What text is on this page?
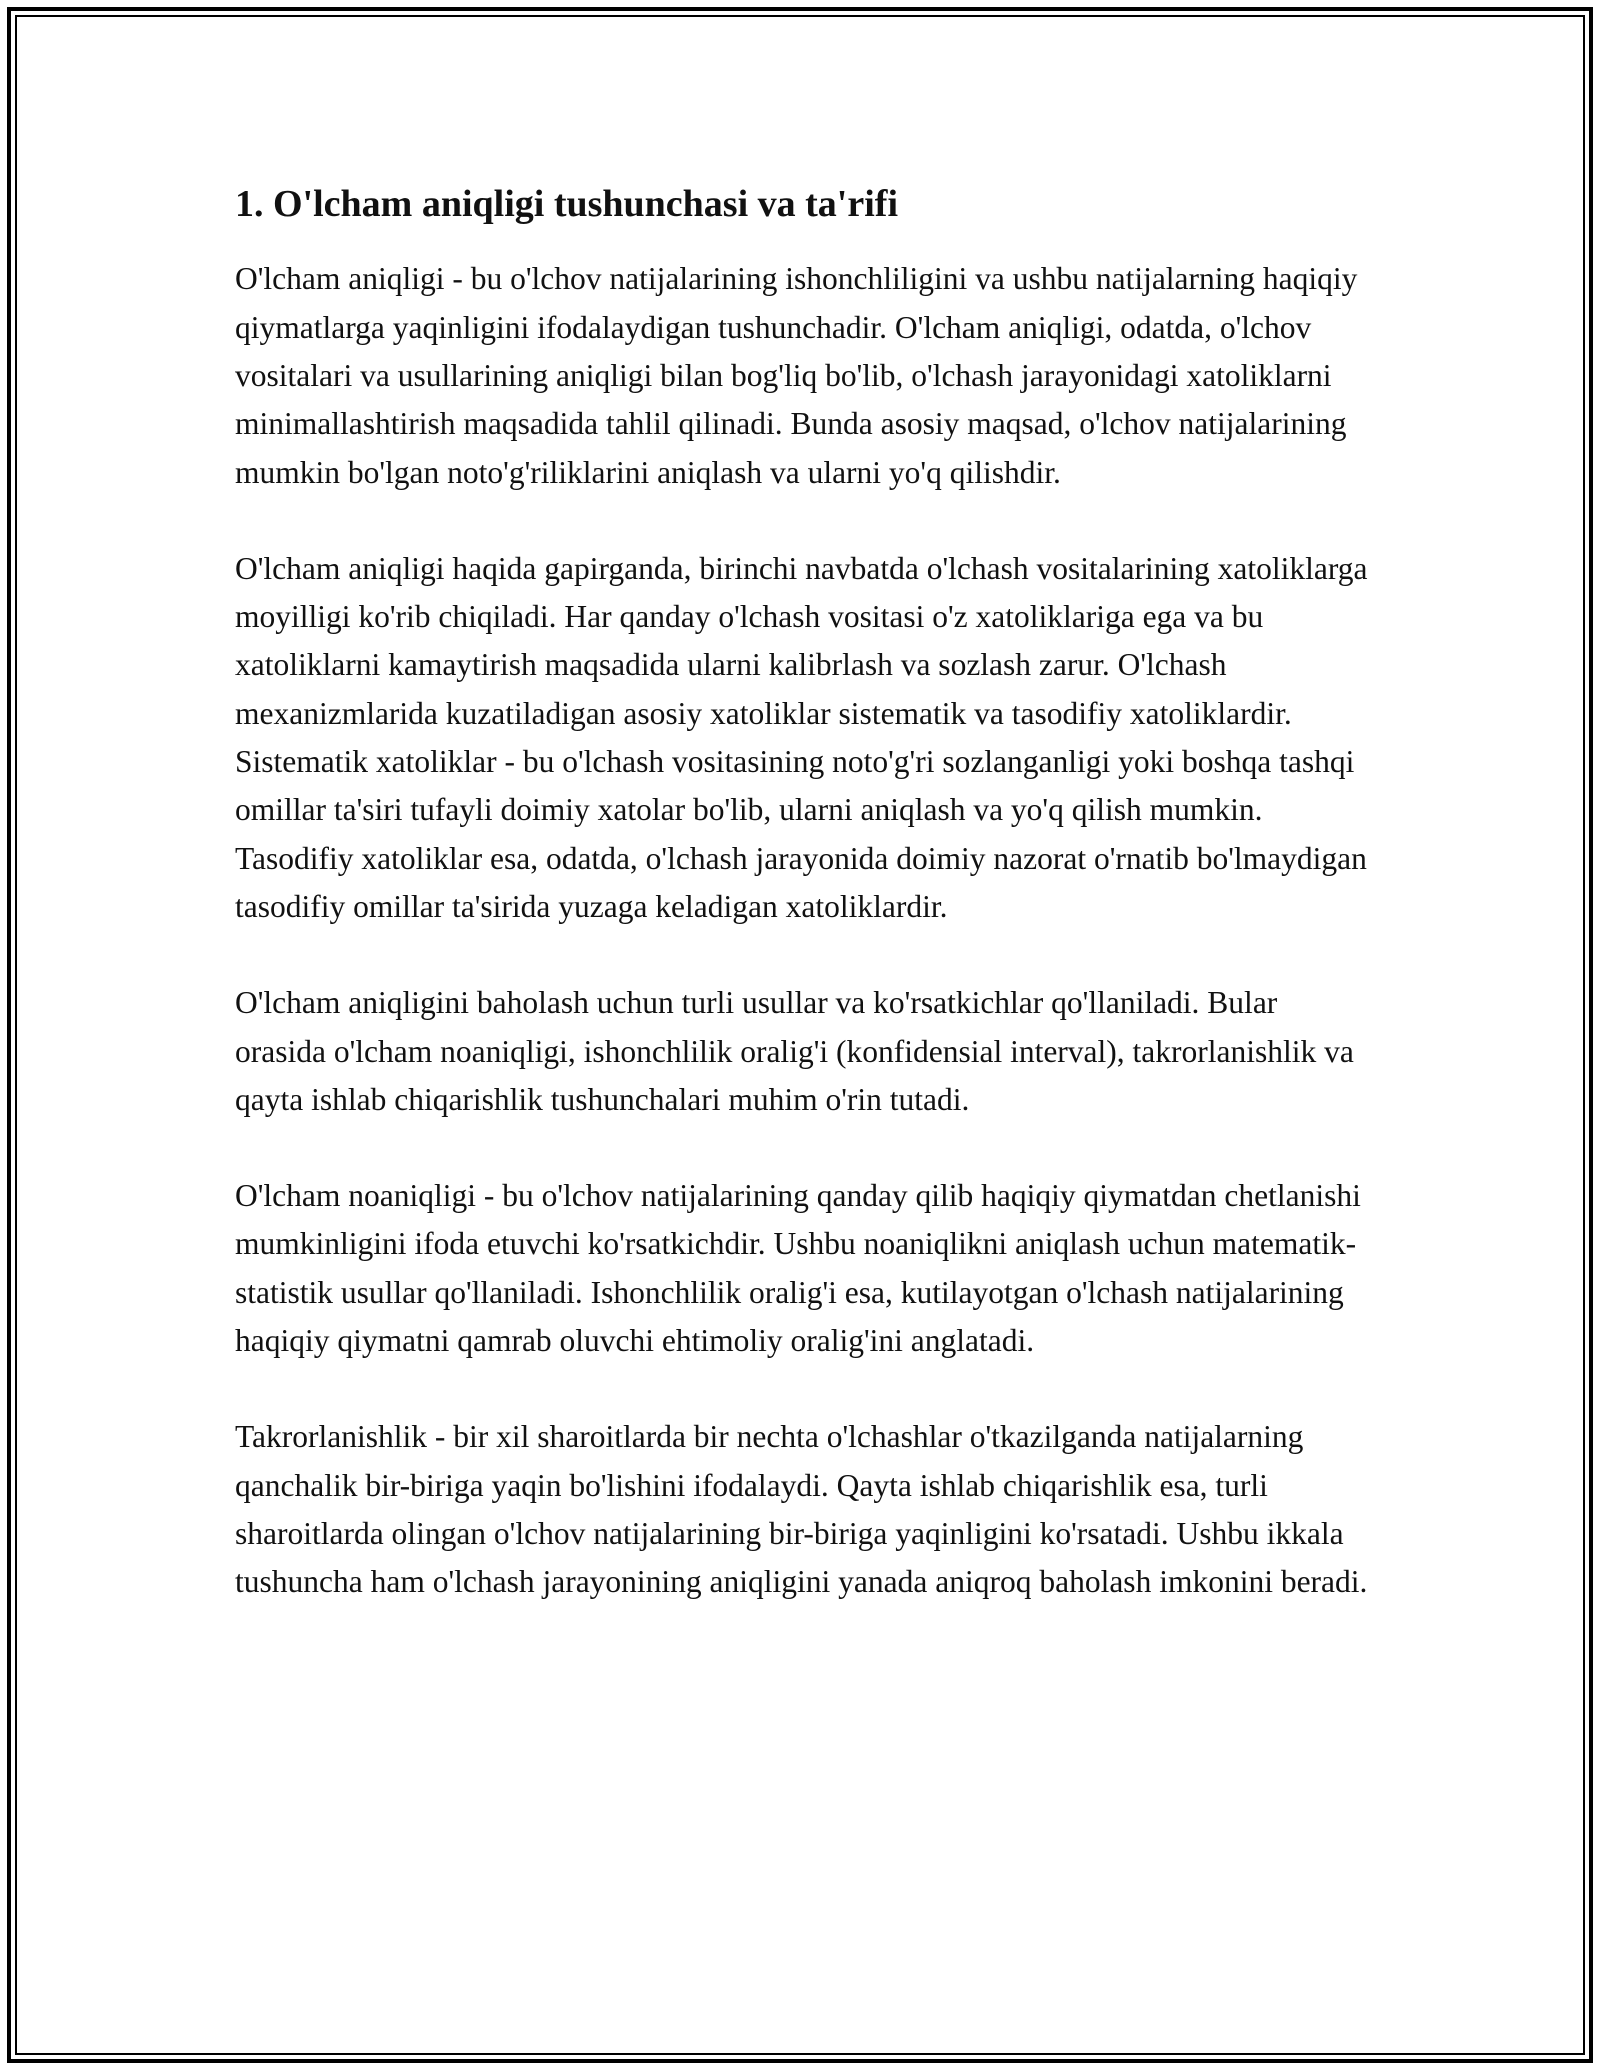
1. O'lcham aniqligi tushunchasi va ta'rifi

O'lcham aniqligi - bu o'lchov natijalarining ishonchliligini va ushbu natijalarning haqiqiy qiymatlarga yaqinligini ifodalaydigan tushunchadir. O'lcham aniqligi, odatda, o'lchov vositalari va usullarining aniqligi bilan bog'liq bo'lib, o'lchash jarayonidagi xatoliklarni minimallashtirish maqsadida tahlil qilinadi. Bunda asosiy maqsad, o'lchov natijalarining mumkin bo'lgan noto'g'riliklarini aniqlash va ularni yo'q qilishdir.

O'lcham aniqligi haqida gapirganda, birinchi navbatda o'lchash vositalarining xatoliklarga moyilligi ko'rib chiqiladi. Har qanday o'lchash vositasi o'z xatoliklariga ega va bu xatoliklarni kamaytirish maqsadida ularni kalibrlash va sozlash zarur. O'lchash mexanizmlarida kuzatiladigan asosiy xatoliklar sistematik va tasodifiy xatoliklardir. Sistematik xatoliklar - bu o'lchash vositasining noto'g'ri sozlanganligi yoki boshqa tashqi omillar ta'siri tufayli doimiy xatolar bo'lib, ularni aniqlash va yo'q qilish mumkin. Tasodifiy xatoliklar esa, odatda, o'lchash jarayonida doimiy nazorat o'rnatib bo'lmaydigan tasodifiy omillar ta'sirida yuzaga keladigan xatoliklardir.

O'lcham aniqligini baholash uchun turli usullar va ko'rsatkichlar qo'llaniladi. Bular orasida o'lcham noaniqligi, ishonchlilik oralig'i (konfidensial interval), takrorlanishlik va qayta ishlab chiqarishlik tushunchalari muhim o'rin tutadi.

O'lcham noaniqligi - bu o'lchov natijalarining qanday qilib haqiqiy qiymatdan chetlanishi mumkinligini ifoda etuvchi ko'rsatkichdir. Ushbu noaniqlikni aniqlash uchun matematik- statistik usullar qo'llaniladi. Ishonchlilik oralig'i esa, kutilayotgan o'lchash natijalarining haqiqiy qiymatni qamrab oluvchi ehtimoliy oralig'ini anglatadi.

Takrorlanishlik - bir xil sharoitlarda bir nechta o'lchashlar o'tkazilganda natijalarning qanchalik bir-biriga yaqin bo'lishini ifodalaydi. Qayta ishlab chiqarishlik esa, turli sharoitlarda olingan o'lchov natijalarining bir-biriga yaqinligini ko'rsatadi. Ushbu ikkala tushuncha ham o'lchash jarayonining aniqligini yanada aniqroq baholash imkonini beradi.
